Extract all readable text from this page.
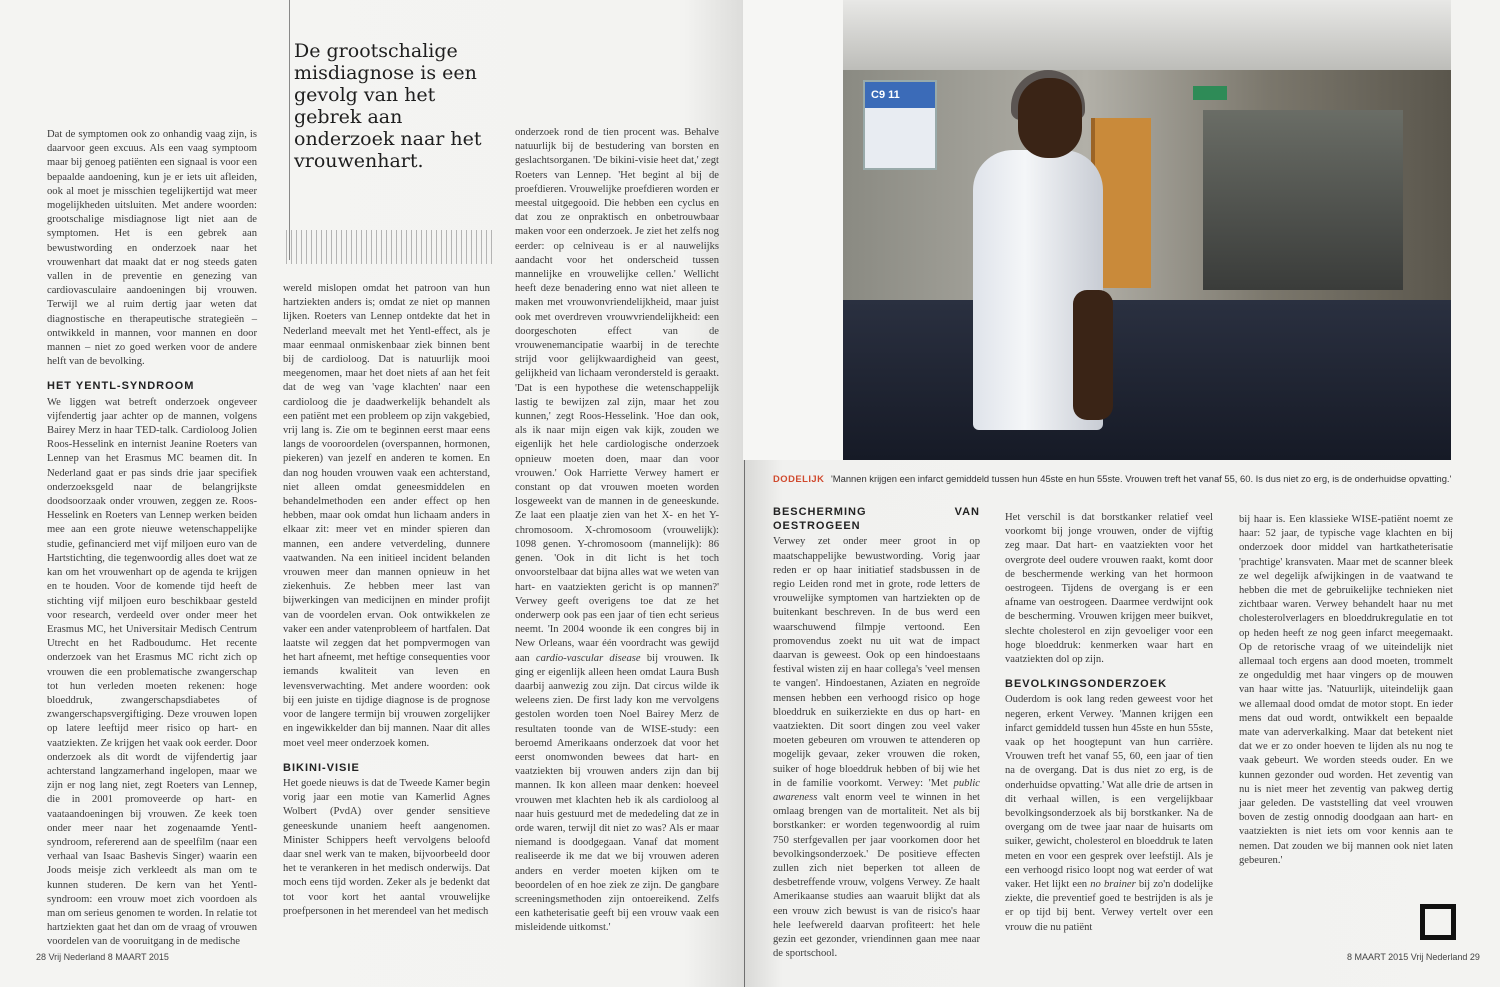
De grootschalige misdiagnose is een gevolg van het gebrek aan onderzoek naar het vrouwenhart.

Dat de symptomen ook zo onhandig vaag zijn, is daarvoor geen excuus. Als een vaag symptoom maar bij genoeg patiënten een signaal is voor een bepaalde aandoening, kun je er iets uit afleiden, ook al moet je misschien tegelijkertijd wat meer mogelijkheden uitsluiten. Met andere woorden: grootschalige misdiagnose ligt niet aan de symptomen. Het is een gebrek aan bewustwording en onderzoek naar het vrouwenhart dat maakt dat er nog steeds gaten vallen in de preventie en genezing van cardiovasculaire aandoeningen bij vrouwen. Terwijl we al ruim dertig jaar weten dat diagnostische en therapeutische strategieën – ontwikkeld in mannen, voor mannen en door mannen – niet zo goed werken voor de andere helft van de bevolking.

HET YENTL-SYNDROOM

We liggen wat betreft onderzoek ongeveer vijfendertig jaar achter op de mannen, volgens Bairey Merz in haar TED-talk. Cardioloog Jolien Roos-Hesselink en internist Jeanine Roeters van Lennep van het Erasmus MC beamen dit. In Nederland gaat er pas sinds drie jaar specifiek onderzoeksgeld naar de belangrijkste doodsoorzaak onder vrouwen, zeggen ze. Roos-Hesselink en Roeters van Lennep werken beiden mee aan een grote nieuwe wetenschappelijke studie, gefinancierd met vijf miljoen euro van de Hartstichting, die tegenwoordig alles doet wat ze kan om het vrouwenhart op de agenda te krijgen en te houden. Voor de komende tijd heeft de stichting vijf miljoen euro beschikbaar gesteld voor research, verdeeld over onder meer het Erasmus MC, het Universitair Medisch Centrum Utrecht en het Radboudumc. Het recente onderzoek van het Erasmus MC richt zich op vrouwen die een problematische zwangerschap tot hun verleden moeten rekenen: hoge bloeddruk, zwangerschapsdiabetes of zwangerschapsvergiftiging. Deze vrouwen lopen op latere leeftijd meer risico op hart- en vaatziekten. Ze krijgen het vaak ook eerder. Door onderzoek als dit wordt de vijfendertig jaar achterstand langzamerhand ingelopen, maar we zijn er nog lang niet, zegt Roeters van Lennep, die in 2001 promoveerde op hart- en vaataandoeningen bij vrouwen. Ze keek toen onder meer naar het zogenaamde Yentl-syndroom, refererend aan de speelfilm (naar een verhaal van Isaac Bashevis Singer) waarin een Joods meisje zich verkleedt als man om te kunnen studeren. De kern van het Yentl-syndroom: een vrouw moet zich voordoen als man om serieus genomen te worden. In relatie tot hartziekten gaat het dan om de vraag of vrouwen voordelen van de vooruitgang in de medische

wereld mislopen omdat het patroon van hun hartziekten anders is; omdat ze niet op mannen lijken. Roeters van Lennep ontdekte dat het in Nederland meevalt met het Yentl-effect, als je maar eenmaal onmiskenbaar ziek binnen bent bij de cardioloog. Dat is natuurlijk mooi meegenomen, maar het doet niets af aan het feit dat de weg van 'vage klachten' naar een cardioloog die je daadwerkelijk behandelt als een patiënt met een probleem op zijn vakgebied, vrij lang is. Zie om te beginnen eerst maar eens langs de vooroordelen (overspannen, hormonen, piekeren) van jezelf en anderen te komen. En dan nog houden vrouwen vaak een achterstand, niet alleen omdat geneesmiddelen en behandelmethoden een ander effect op hen hebben, maar ook omdat hun lichaam anders in elkaar zit: meer vet en minder spieren dan mannen, een andere vetverdeling, dunnere vaatwanden. Na een initieel incident belanden vrouwen meer dan mannen opnieuw in het ziekenhuis. Ze hebben meer last van bijwerkingen van medicijnen en minder profijt van de voordelen ervan. Ook ontwikkelen ze vaker een ander vatenprobleem of hartfalen. Dat laatste wil zeggen dat het pompvermogen van het hart afneemt, met heftige consequenties voor iemands kwaliteit van leven en levensverwachting. Met andere woorden: ook bij een juiste en tijdige diagnose is de prognose voor de langere termijn bij vrouwen zorgelijker en ingewikkelder dan bij mannen. Naar dit alles moet veel meer onderzoek komen.

BIKINI-VISIE

Het goede nieuws is dat de Tweede Kamer begin vorig jaar een motie van Kamerlid Agnes Wolbert (PvdA) over gender sensitieve geneeskunde unaniem heeft aangenomen. Minister Schippers heeft vervolgens beloofd daar snel werk van te maken, bijvoorbeeld door het te verankeren in het medisch onderwijs. Dat moch eens tijd worden. Zeker als je bedenkt dat tot voor kort het aantal vrouwelijke proefpersonen in het merendeel van het medisch

onderzoek rond de tien procent was. Behalve natuurlijk bij de bestudering van borsten en geslachtsorganen. 'De bikini-visie heet dat,' zegt Roeters van Lennep. 'Het begint al bij de proefdieren. Vrouwelijke proefdieren worden er meestal uitgegooid. Die hebben een cyclus en dat zou ze onpraktisch en onbetrouwbaar maken voor een onderzoek. Je ziet het zelfs nog eerder: op celniveau is er al nauwelijks aandacht voor het onderscheid tussen mannelijke en vrouwelijke cellen.' Wellicht heeft deze benadering enno wat niet alleen te maken met vrouwonvriendelijkheid, maar juist ook met overdreven vrouwvriendelijkheid: een doorgeschoten effect van de vrouwenemancipatie waarbij in de terechte strijd voor gelijkwaardigheid van geest, gelijkheid van lichaam verondersteld is geraakt. 'Dat is een hypothese die wetenschappelijk lastig te bewijzen zal zijn, maar het zou kunnen,' zegt Roos-Hesselink. 'Hoe dan ook, als ik naar mijn eigen vak kijk, zouden we eigenlijk het hele cardiologische onderzoek opnieuw moeten doen, maar dan voor vrouwen.' Ook Harriette Verwey hamert er constant op dat vrouwen moeten worden losgeweekt van de mannen in de geneeskunde. Ze laat een plaatje zien van het X- en het Y-chromosoom. X-chromosoom (vrouwelijk): 1098 genen. Y-chromosoom (mannelijk): 86 genen. 'Ook in dit licht is het toch onvoorstelbaar dat bijna alles wat we weten van hart- en vaatziekten gericht is op mannen?' Verwey geeft overigens toe dat ze het onderwerp ook pas een jaar of tien echt serieus neemt. 'In 2004 woonde ik een congres bij in New Orleans, waar één voordracht was gewijd aan cardio-vascular disease bij vrouwen. Ik ging er eigenlijk alleen heen omdat Laura Bush daarbij aanwezig zou zijn. Dat circus wilde ik weleens zien. De first lady kon me vervolgens gestolen worden toen Noel Bairey Merz de resultaten toonde van de WISE-study: een beroemd Amerikaans onderzoek dat voor het eerst onomwonden bewees dat hart- en vaatziekten bij vrouwen anders zijn dan bij mannen. Ik kon alleen maar denken: hoeveel vrouwen met klachten heb ik als cardioloog al naar huis gestuurd met de mededeling dat ze in orde waren, terwijl dit niet zo was? Als er maar niemand is doodgegaan. Vanaf dat moment realiseerde ik me dat we bij vrouwen aderen anders en verder moeten kijken om te beoordelen of en hoe ziek ze zijn. De gangbare screeningsmethoden zijn ontoereikend. Zelfs een katheterisatie geeft bij een vrouw vaak een misleidende uitkomst.'

28 Vrij Nederland 8 MAART 2015
C9 11
DODELIJK 'Mannen krijgen een infarct gemiddeld tussen hun 45ste en hun 55ste. Vrouwen treft het vanaf 55, 60. Is dus niet zo erg, is de onderhuidse opvatting.'
BESCHERMING VAN OESTROGEEN

Verwey zet onder meer groot in op maatschappelijke bewustwording. Vorig jaar reden er op haar initiatief stadsbussen in de regio Leiden rond met in grote, rode letters de vrouwelijke symptomen van hartziekten op de buitenkant beschreven. In de bus werd een waarschuwend filmpje vertoond. Een promovendus zoekt nu uit wat de impact daarvan is geweest. Ook op een hindoestaans festival wisten zij en haar collega's 'veel mensen te vangen'. Hindoestanen, Aziaten en negroïde mensen hebben een verhoogd risico op hoge bloeddruk en suikerziekte en dus op hart- en vaatziekten. Dit soort dingen zou veel vaker moeten gebeuren om vrouwen te attenderen op mogelijk gevaar, zeker vrouwen die roken, suiker of hoge bloeddruk hebben of bij wie het in de familie voorkomt. Verwey: 'Met public awareness valt enorm veel te winnen in het omlaag brengen van de mortaliteit. Net als bij borstkanker: er worden tegenwoordig al ruim 750 sterfgevallen per jaar voorkomen door het bevolkingsonderzoek.' De positieve effecten zullen zich niet beperken tot alleen de desbetreffende vrouw, volgens Verwey. Ze haalt Amerikaanse studies aan waaruit blijkt dat als een vrouw zich bewust is van de risico's haar hele leefwereld daarvan profiteert: het hele gezin eet gezonder, vriendinnen gaan mee naar de sportschool.

Het verschil is dat borstkanker relatief veel voorkomt bij jonge vrouwen, onder de vijftig zeg maar. Dat hart- en vaatziekten voor het overgrote deel oudere vrouwen raakt, komt door de beschermende werking van het hormoon oestrogeen. Tijdens de overgang is er een afname van oestrogeen. Daarmee verdwijnt ook de bescherming. Vrouwen krijgen meer buikvet, slechte cholesterol en zijn gevoeliger voor een hoge bloeddruk: kenmerken waar hart en vaatziekten dol op zijn.

BEVOLKINGSONDERZOEK

Ouderdom is ook lang reden geweest voor het negeren, erkent Verwey. 'Mannen krijgen een infarct gemiddeld tussen hun 45ste en hun 55ste, vaak op het hoogtepunt van hun carrière. Vrouwen treft het vanaf 55, 60, een jaar of tien na de overgang. Dat is dus niet zo erg, is de onderhuidse opvatting.' Wat alle drie de artsen in dit verhaal willen, is een vergelijkbaar bevolkingsonderzoek als bij borstkanker. Na de overgang om de twee jaar naar de huisarts om suiker, gewicht, cholesterol en bloeddruk te laten meten en voor een gesprek over leefstijl. Als je een verhoogd risico loopt nog wat eerder of wat vaker. Het lijkt een no brainer bij zo'n dodelijke ziekte, die preventief goed te bestrijden is als je er op tijd bij bent. Verwey vertelt over een vrouw die nu patiënt

bij haar is. Een klassieke WISE-patiënt noemt ze haar: 52 jaar, de typische vage klachten en bij onderzoek door middel van hartkatheterisatie 'prachtige' kransvaten. Maar met de scanner bleek ze wel degelijk afwijkingen in de vaatwand te hebben die met de gebruikelijke technieken niet zichtbaar waren. Verwey behandelt haar nu met cholesterolverlagers en bloeddrukregulatie en tot op heden heeft ze nog geen infarct meegemaakt. Op de retorische vraag of we uiteindelijk niet allemaal toch ergens aan dood moeten, trommelt ze ongeduldig met haar vingers op de mouwen van haar witte jas. 'Natuurlijk, uiteindelijk gaan we allemaal dood omdat de motor stopt. En ieder mens dat oud wordt, ontwikkelt een bepaalde mate van aderverkalking. Maar dat betekent niet dat we er zo onder hoeven te lijden als nu nog te vaak gebeurt. We worden steeds ouder. En we kunnen gezonder oud worden. Het zeventig van nu is niet meer het zeventig van pakweg dertig jaar geleden. De vaststelling dat veel vrouwen boven de zestig onnodig doodgaan aan hart- en vaatziekten is niet iets om voor kennis aan te nemen. Dat zouden we bij mannen ook niet laten gebeuren.'

8 MAART 2015 Vrij Nederland 29
